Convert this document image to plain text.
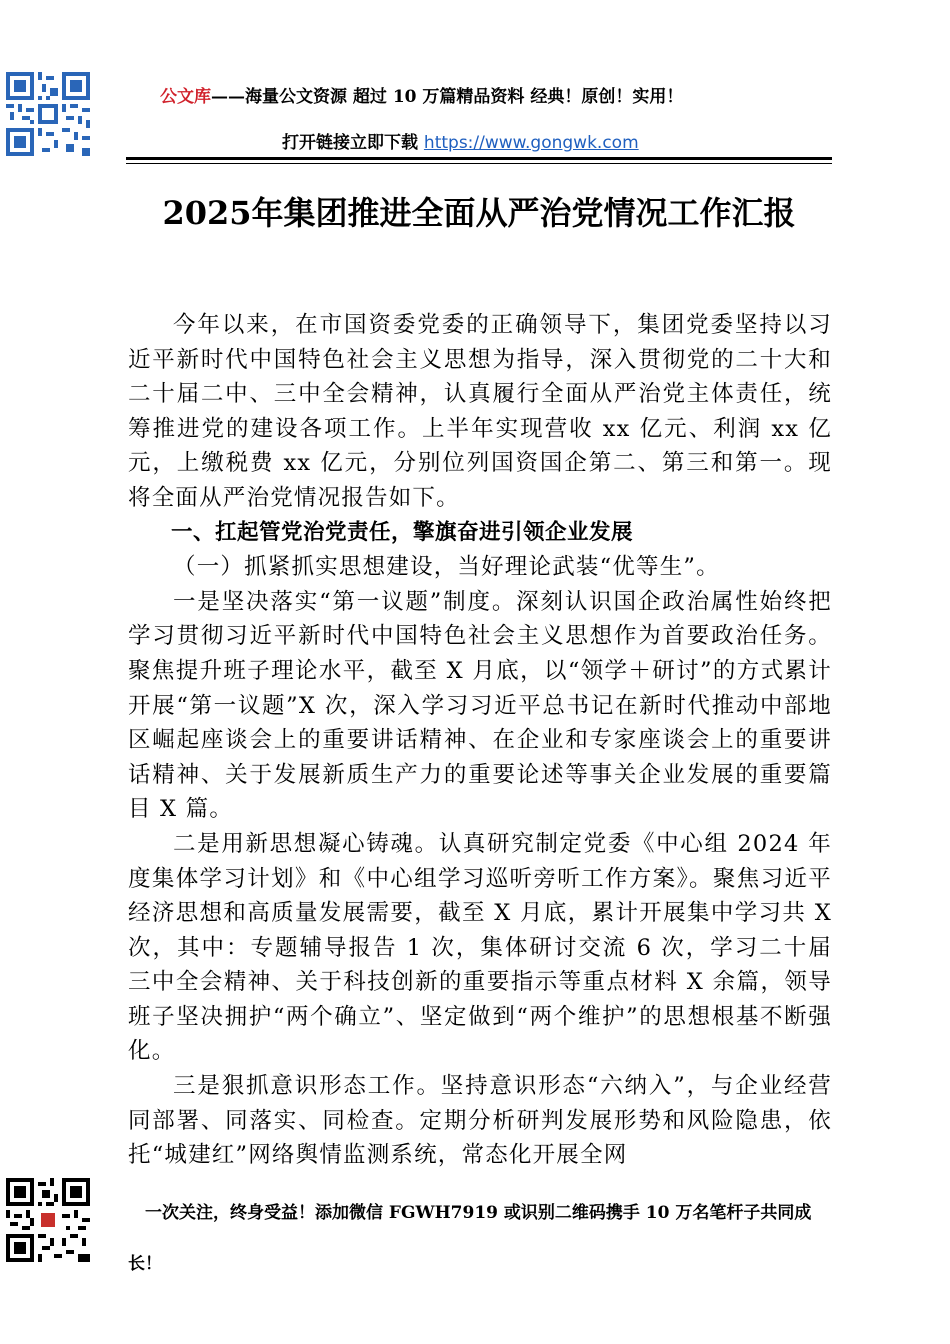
公文库——海量公文资源 超过 10 万篇精品资料 经典！原创！实用！
打开链接立即下载 https://www.gongwk.com
2025年集团推进全面从严治党情况工作汇报

今年以来，在市国资委党委的正确领导下，集团党委坚持以习近平新时代中国特色社会主义思想为指导，深入贯彻党的二十大和二十届二中、三中全会精神，认真履行全面从严治党主体责任，统筹推进党的建设各项工作。上半年实现营收 xx 亿元、利润 xx 亿元，上缴税费 xx 亿元，分别位列国资国企第二、第三和第一。现将全面从严治党情况报告如下。

一、扛起管党治党责任，擎旗奋进引领企业发展

（一）抓紧抓实思想建设，当好理论武装“优等生”。

一是坚决落实“第一议题”制度。深刻认识国企政治属性始终把学习贯彻习近平新时代中国特色社会主义思想作为首要政治任务。聚焦提升班子理论水平，截至 X 月底，以“领学＋研讨”的方式累计开展“第一议题”X 次，深入学习习近平总书记在新时代推动中部地区崛起座谈会上的重要讲话精神、在企业和专家座谈会上的重要讲话精神、关于发展新质生产力的重要论述等事关企业发展的重要篇目 X 篇。

二是用新思想凝心铸魂。认真研究制定党委《中心组 2024 年度集体学习计划》和《中心组学习巡听旁听工作方案》。聚焦习近平经济思想和高质量发展需要，截至 X 月底，累计开展集中学习共 X 次，其中：专题辅导报告 1 次，集体研讨交流 6 次，学习二十届三中全会精神、关于科技创新的重要指示等重点材料 X 余篇，领导班子坚决拥护“两个确立”、坚定做到“两个维护”的思想根基不断强化。

三是狠抓意识形态工作。坚持意识形态“六纳入”，与企业经营同部署、同落实、同检查。定期分析研判发展形势和风险隐患，依托“城建红”网络舆情监测系统，常态化开展全网

一次关注，终身受益！添加微信 FGWH7919 或识别二维码携手 10 万名笔杆子共同成长！
